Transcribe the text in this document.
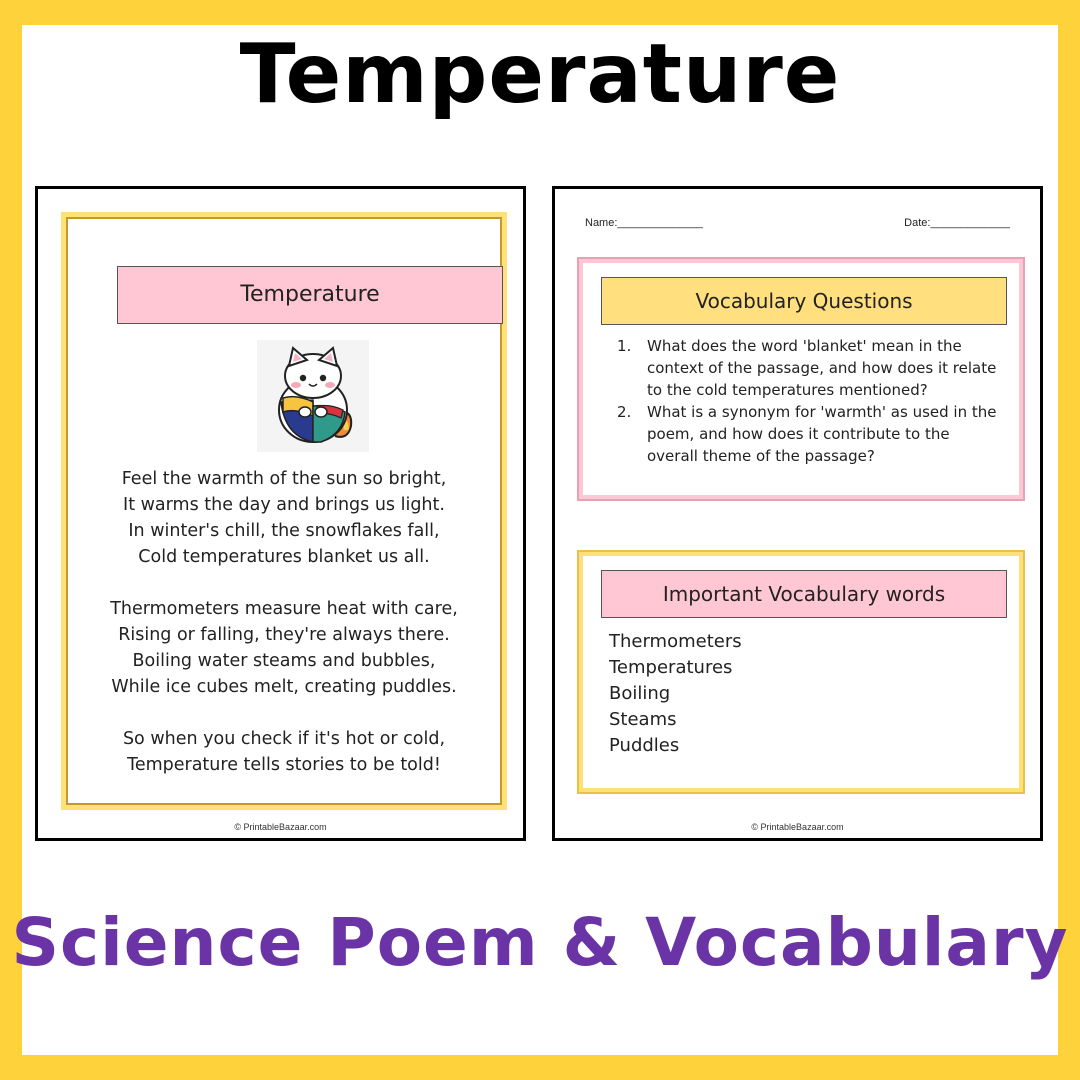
Temperature
Temperature
Feel the warmth of the sun so bright,
It warms the day and brings us light.
In winter's chill, the snowflakes fall,
Cold temperatures blanket us all.
Thermometers measure heat with care,
Rising or falling, they're always there.
Boiling water steams and bubbles,
While ice cubes melt, creating puddles.
So when you check if it's hot or cold,
Temperature tells stories to be told!
© PrintableBazaar.com
Name:______________	Date:_____________
Vocabulary Questions
1. What does the word 'blanket' mean in the context of the passage, and how does it relate to the cold temperatures mentioned?
2. What is a synonym for 'warmth' as used in the poem, and how does it contribute to the overall theme of the passage?
Important Vocabulary words
Thermometers
Temperatures
Boiling
Steams
Puddles
© PrintableBazaar.com
Science Poem & Vocabulary
